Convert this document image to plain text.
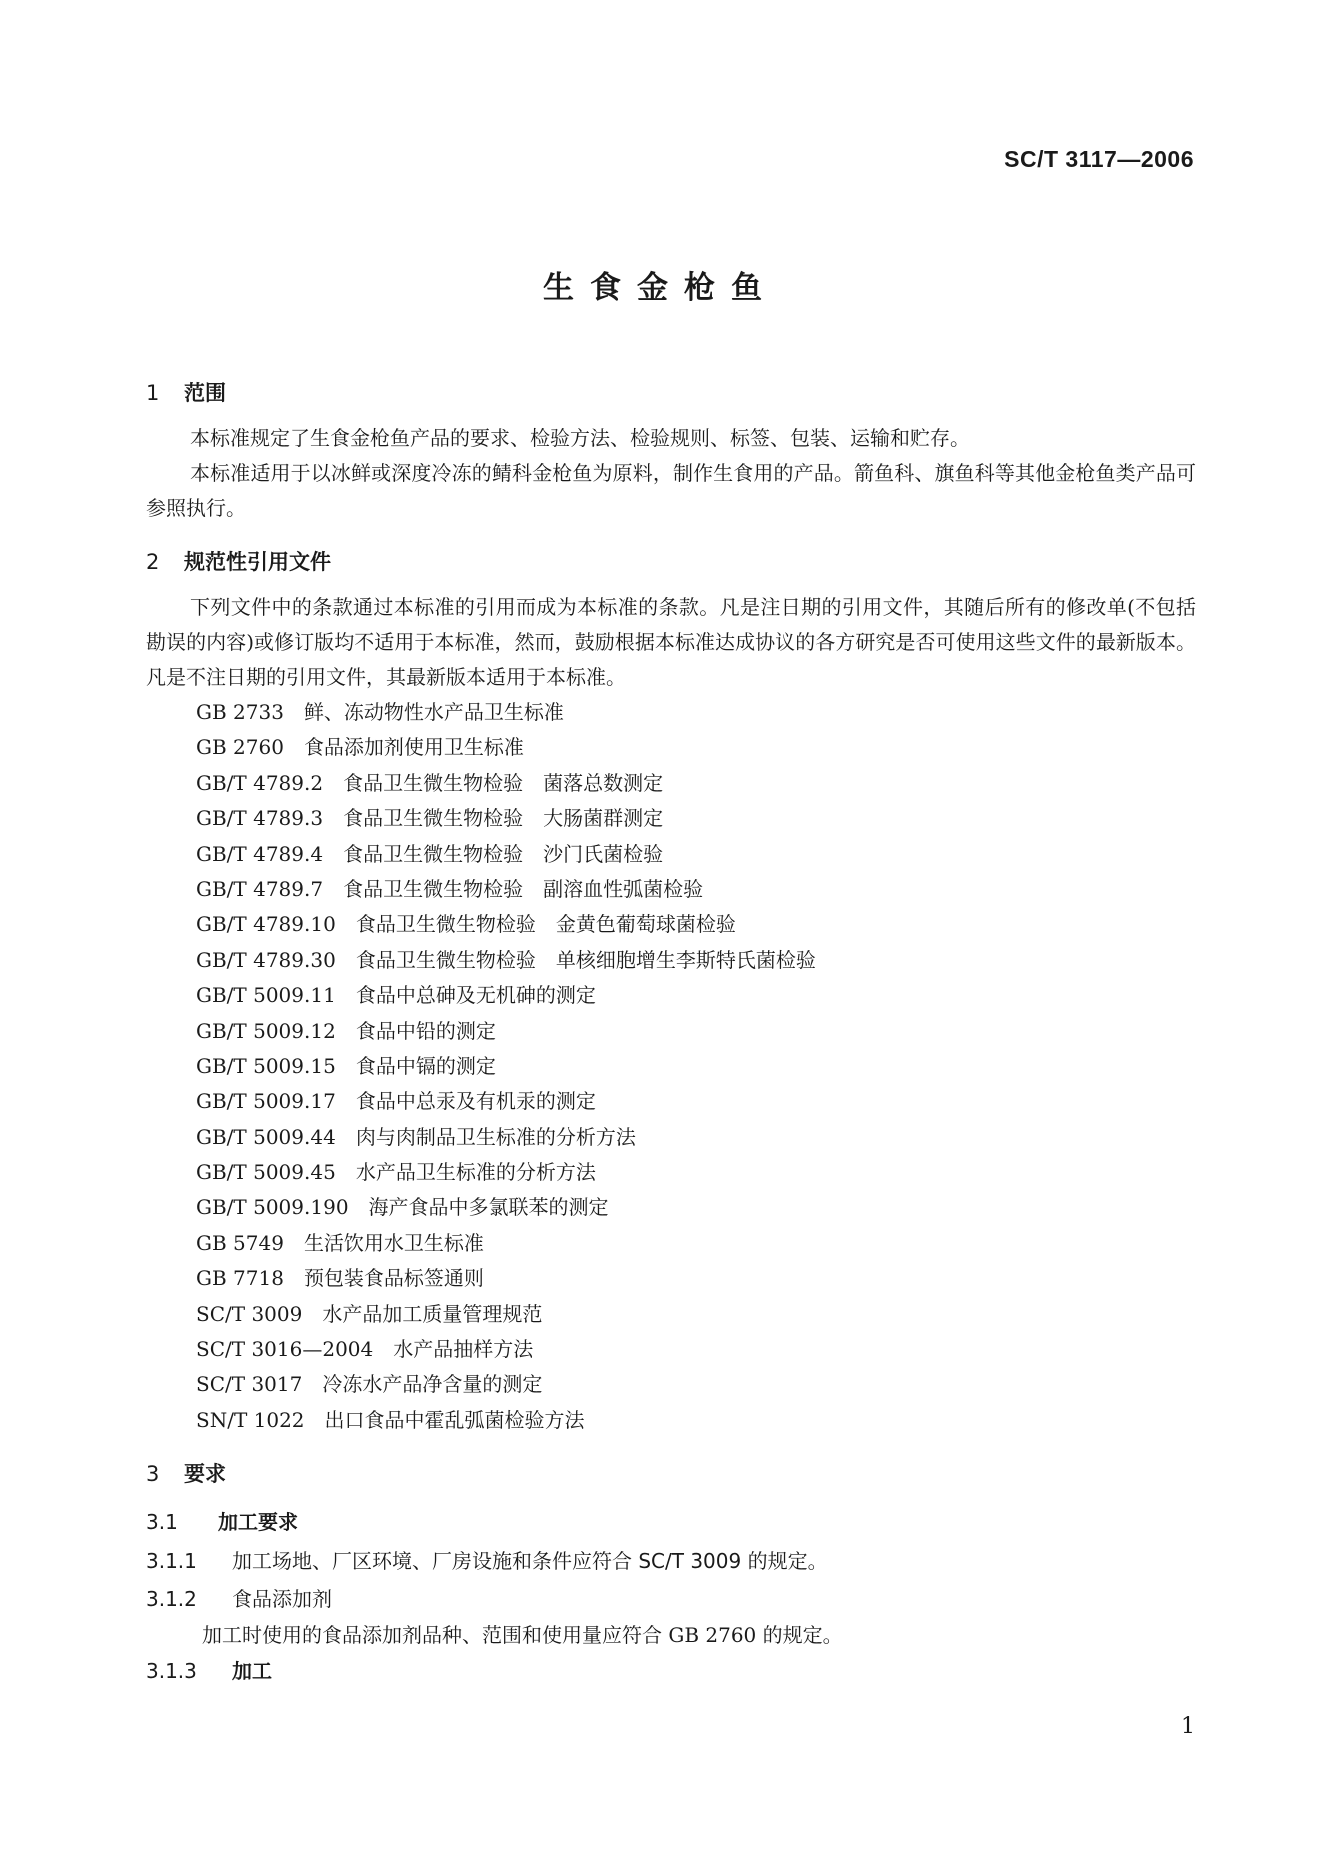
SC/T 3117—2006
生食金枪鱼
1 范围

本标准规定了生食金枪鱼产品的要求、检验方法、检验规则、标签、包装、运输和贮存。

本标准适用于以冰鲜或深度冷冻的鲭科金枪鱼为原料，制作生食用的产品。箭鱼科、旗鱼科等其他金枪鱼类产品可参照执行。

2 规范性引用文件

下列文件中的条款通过本标准的引用而成为本标准的条款。凡是注日期的引用文件，其随后所有的修改单(不包括勘误的内容)或修订版均不适用于本标准，然而，鼓励根据本标准达成协议的各方研究是否可使用这些文件的最新版本。凡是不注日期的引用文件，其最新版本适用于本标准。

GB 2733 鲜、冻动物性水产品卫生标准
GB 2760 食品添加剂使用卫生标准
GB/T 4789.2 食品卫生微生物检验　菌落总数测定
GB/T 4789.3 食品卫生微生物检验　大肠菌群测定
GB/T 4789.4 食品卫生微生物检验　沙门氏菌检验
GB/T 4789.7 食品卫生微生物检验　副溶血性弧菌检验
GB/T 4789.10 食品卫生微生物检验　金黄色葡萄球菌检验
GB/T 4789.30 食品卫生微生物检验　单核细胞增生李斯特氏菌检验
GB/T 5009.11 食品中总砷及无机砷的测定
GB/T 5009.12 食品中铅的测定
GB/T 5009.15 食品中镉的测定
GB/T 5009.17 食品中总汞及有机汞的测定
GB/T 5009.44 肉与肉制品卫生标准的分析方法
GB/T 5009.45 水产品卫生标准的分析方法
GB/T 5009.190 海产食品中多氯联苯的测定
GB 5749 生活饮用水卫生标准
GB 7718 预包装食品标签通则
SC/T 3009 水产品加工质量管理规范
SC/T 3016—2004 水产品抽样方法
SC/T 3017 冷冻水产品净含量的测定
SN/T 1022 出口食品中霍乱弧菌检验方法
3 要求
3.1 加工要求
3.1.1 加工场地、厂区环境、厂房设施和条件应符合 SC/T 3009 的规定。
3.1.2 食品添加剂

加工时使用的食品添加剂品种、范围和使用量应符合 GB 2760 的规定。

3.1.3 加工
1
